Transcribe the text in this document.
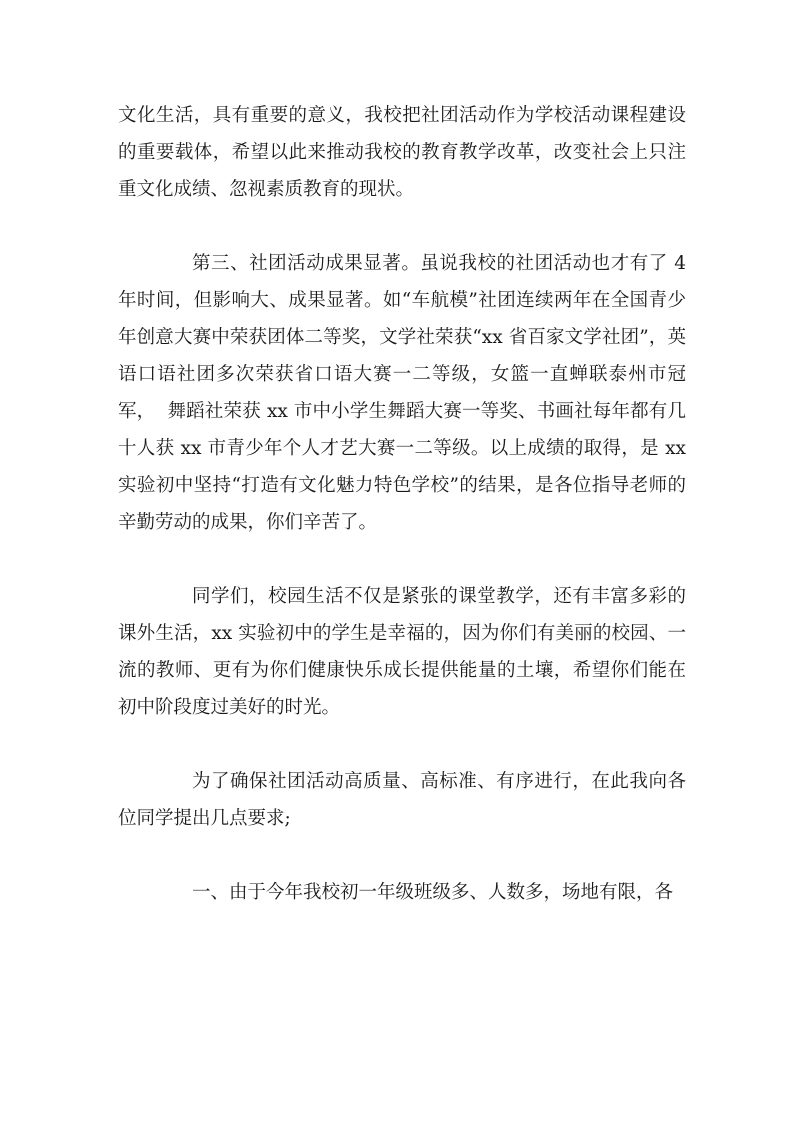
文化生活，具有重要的意义，我校把社团活动作为学校活动课程建设的重要载体，希望以此来推动我校的教育教学改革，改变社会上只注重文化成绩、忽视素质教育的现状。

第三、社团活动成果显著。虽说我校的社团活动也才有了 4年时间，但影响大、成果显著。如“车航模”社团连续两年在全国青少年创意大赛中荣获团体二等奖，文学社荣获“xx 省百家文学社团”，英语口语社团多次荣获省口语大赛一二等级，女篮一直蝉联泰州市冠军，  舞蹈社荣获 xx 市中小学生舞蹈大赛一等奖、书画社每年都有几十人获 xx 市青少年个人才艺大赛一二等级。以上成绩的取得，是 xx实验初中坚持“打造有文化魅力特色学校”的结果，是各位指导老师的辛勤劳动的成果，你们辛苦了。

同学们，校园生活不仅是紧张的课堂教学，还有丰富多彩的课外生活，xx 实验初中的学生是幸福的，因为你们有美丽的校园、一流的教师、更有为你们健康快乐成长提供能量的土壤，希望你们能在初中阶段度过美好的时光。

为了确保社团活动高质量、高标准、有序进行，在此我向各位同学提出几点要求;

一、由于今年我校初一年级班级多、人数多，场地有限，各
